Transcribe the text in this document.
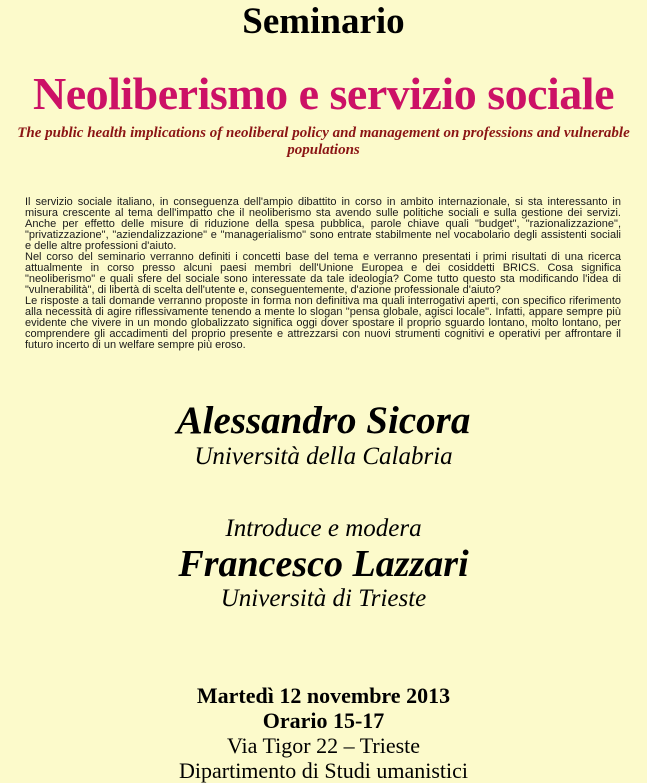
Seminario
Neoliberismo e servizio sociale

The public health implications of neoliberal policy and management on professions and vulnerable populations

Il servizio sociale italiano, in conseguenza dell'ampio dibattito in corso in ambito internazionale, si sta interessanto in misura crescente al tema dell'impatto che il neoliberismo sta avendo sulle politiche sociali e sulla gestione dei servizi. Anche per effetto delle misure di riduzione della spesa pubblica, parole chiave quali "budget", "razionalizzazione", "privatizzazione", "aziendalizzazione" e "managerialismo" sono entrate stabilmente nel vocabolario degli assistenti sociali e delle altre professioni d'aiuto.

Nel corso del seminario verranno definiti i concetti base del tema e verranno presentati i primi risultati di una ricerca attualmente in corso presso alcuni paesi membri dell'Unione Europea e dei cosiddetti BRICS. Cosa significa "neoliberismo" e quali sfere del sociale sono interessate da tale ideologia? Come tutto questo sta modificando l'idea di "vulnerabilità", di libertà di scelta dell'utente e, conseguentemente, d'azione professionale d'aiuto?

Le risposte a tali domande verranno proposte in forma non definitiva ma quali interrogativi aperti, con specifico riferimento alla necessità di agire riflessivamente tenendo a mente lo slogan "pensa globale, agisci locale". Infatti, appare sempre più evidente che vivere in un mondo globalizzato significa oggi dover spostare il proprio sguardo lontano, molto lontano, per comprendere gli accadimenti del proprio presente e attrezzarsi con nuovi strumenti cognitivi e operativi per affrontare il futuro incerto di un welfare sempre più eroso.

Alessandro Sicora
Università della Calabria
Introduce e modera
Francesco Lazzari
Università di Trieste
Martedì 12 novembre 2013
Orario 15-17
Via Tigor 22 – Trieste
Dipartimento di Studi umanistici
